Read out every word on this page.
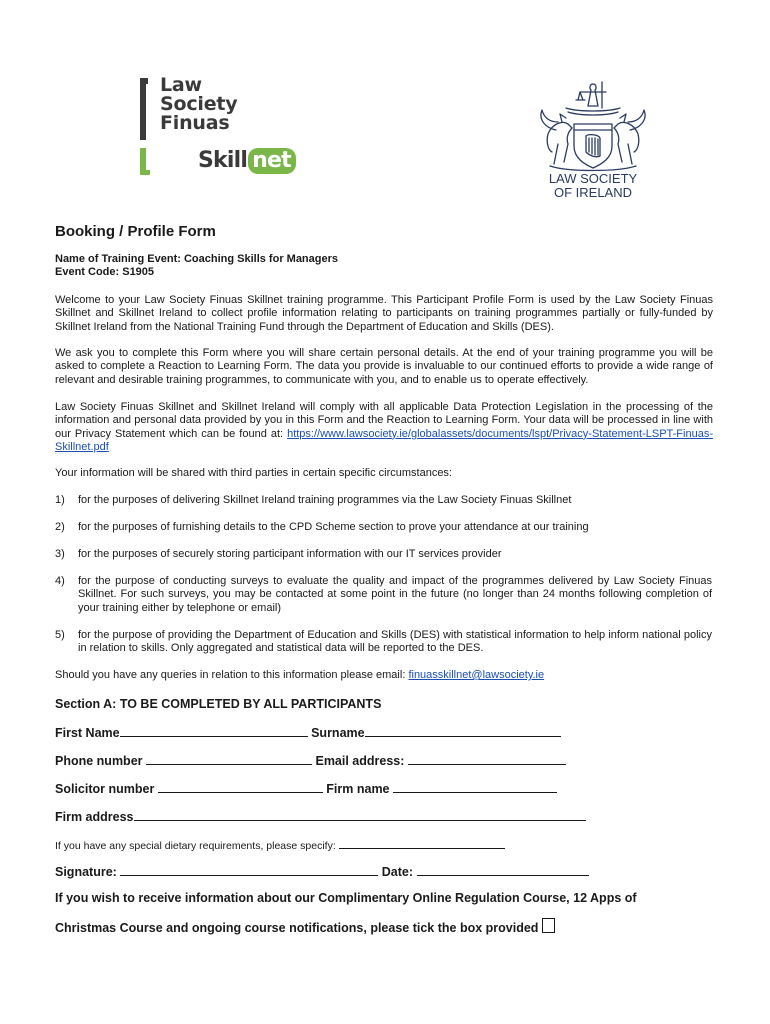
Law
Society
Finuas
Skill net
LAW SOCIETY
OF IRELAND
Booking / Profile Form
Name of Training Event: Coaching Skills for Managers
Event Code: S1905
Welcome to your Law Society Finuas Skillnet training programme. This Participant Profile Form is used by the Law Society Finuas Skillnet and Skillnet Ireland to collect profile information relating to participants on training programmes partially or fully-funded by Skillnet Ireland from the National Training Fund through the Department of Education and Skills (DES).
We ask you to complete this Form where you will share certain personal details. At the end of your training programme you will be asked to complete a Reaction to Learning Form. The data you provide is invaluable to our continued efforts to provide a wide range of relevant and desirable training programmes, to communicate with you, and to enable us to operate effectively.
Law Society Finuas Skillnet and Skillnet Ireland will comply with all applicable Data Protection Legislation in the processing of the information and personal data provided by you in this Form and the Reaction to Learning Form. Your data will be processed in line with our Privacy Statement which can be found at: https://www.lawsociety.ie/globalassets/documents/lspt/Privacy-Statement-LSPT-Finuas-Skillnet.pdf
Your information will be shared with third parties in certain specific circumstances:
1) for the purposes of delivering Skillnet Ireland training programmes via the Law Society Finuas Skillnet
2) for the purposes of furnishing details to the CPD Scheme section to prove your attendance at our training
3) for the purposes of securely storing participant information with our IT services provider
4) for the purpose of conducting surveys to evaluate the quality and impact of the programmes delivered by Law Society Finuas Skillnet. For such surveys, you may be contacted at some point in the future (no longer than 24 months following completion of your training either by telephone or email)
5) for the purpose of providing the Department of Education and Skills (DES) with statistical information to help inform national policy in relation to skills. Only aggregated and statistical data will be reported to the DES.
Should you have any queries in relation to this information please email: finuasskillnet@lawsociety.ie
Section A: TO BE COMPLETED BY ALL PARTICIPANTS
First Name	Surname
Phone number	Email address:
Solicitor number	Firm name
Firm address
If you have any special dietary requirements, please specify:
Signature:	Date:
If you wish to receive information about our Complimentary Online Regulation Course, 12 Apps of
Christmas Course and ongoing course notifications, please tick the box provided
